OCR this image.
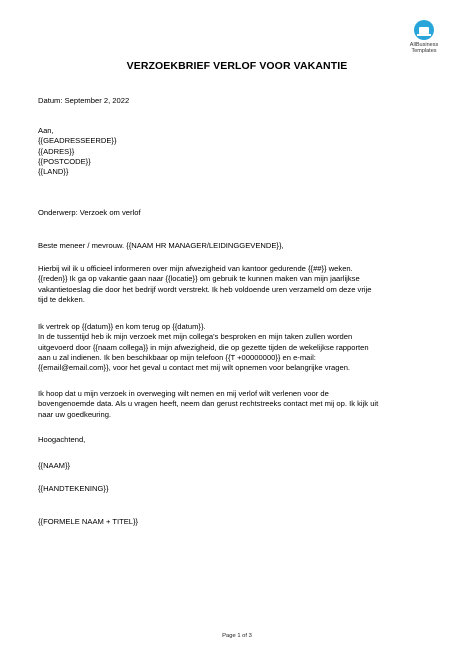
AllBusiness
Templates
VERZOEKBRIEF VERLOF VOOR VAKANTIE
Datum: September 2, 2022
Aan,
{{GEADRESSEERDE}}
{{ADRES}}
{{POSTCODE}}
{{LAND}}
Onderwerp: Verzoek om verlof
Beste meneer / mevrouw. {{NAAM HR MANAGER/LEIDINGGEVENDE}},
Hierbij wil ik u officieel informeren over mijn afwezigheid van kantoor gedurende {{##}} weken.
{{reden}} Ik ga op vakantie gaan naar {{locatie}} om gebruik te kunnen maken van mijn jaarlijkse
vakantietoeslag die door het bedrijf wordt verstrekt. Ik heb voldoende uren verzameld om deze vrije
tijd te dekken.
Ik vertrek op {{datum}} en kom terug op {{datum}}.
In de tussentijd heb ik mijn verzoek met mijn collega's besproken en mijn taken zullen worden
uitgevoerd door {{naam collega}} in mijn afwezigheid, die op gezette tijden de wekelijkse rapporten
aan u zal indienen. Ik ben beschikbaar op mijn telefoon {{T +00000000}} en e-mail:
{{email@email.com}}, voor het geval u contact met mij wilt opnemen voor belangrijke vragen.
Ik hoop dat u mijn verzoek in overweging wilt nemen en mij verlof wilt verlenen voor de
bovengenoemde data. Als u vragen heeft, neem dan gerust rechtstreeks contact met mij op. Ik kijk uit
naar uw goedkeuring.
Hoogachtend,
{{NAAM}}
{{HANDTEKENING}}
{{FORMELE NAAM + TITEL}}
Page 1 of 3
